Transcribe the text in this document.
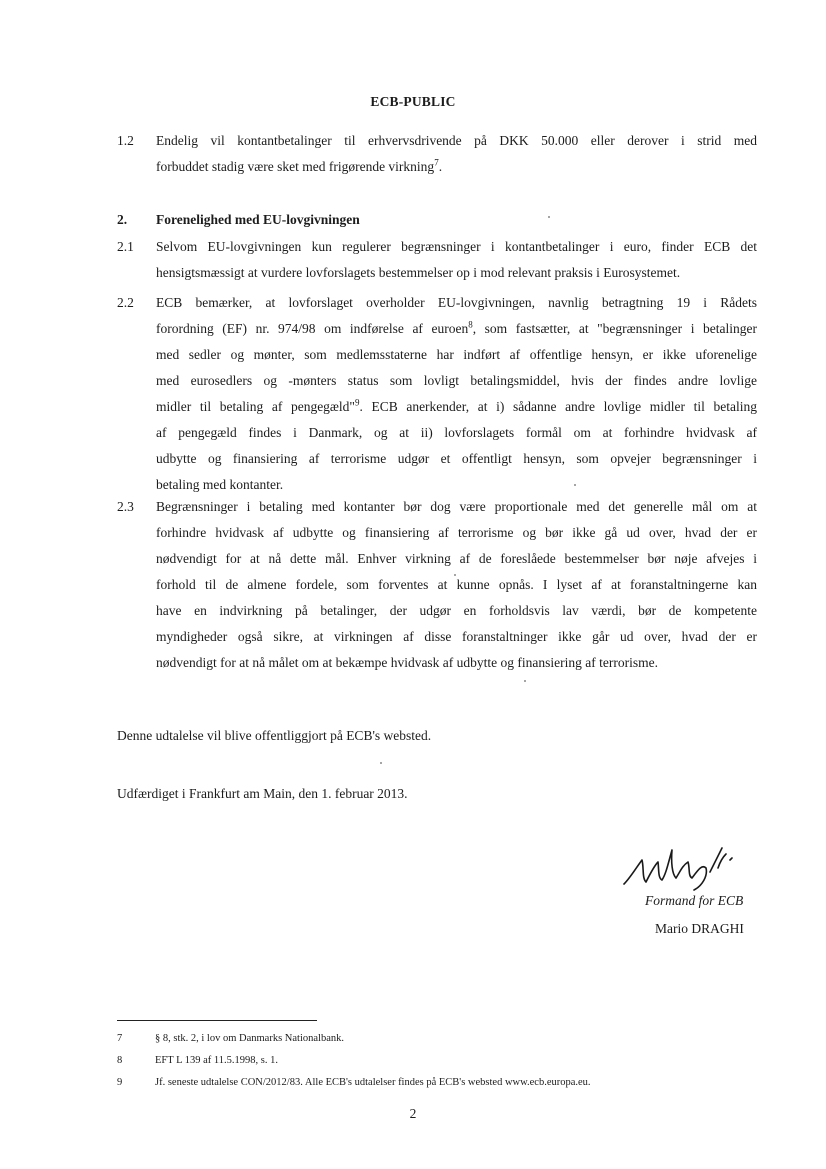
ECB-PUBLIC
1.2	Endelig vil kontantbetalinger til erhvervsdrivende på DKK 50.000 eller derover i strid med
forbuddet stadig være sket med frigørende virkning$^7$.
2. Forenelighed med EU-lovgivningen
2.1	Selvom EU-lovgivningen kun regulerer begrænsninger i kontantbetalinger i euro, finder ECB det
hensigtsmæssigt at vurdere lovforslagets bestemmelser op i mod relevant praksis i Eurosystemet.
2.2	ECB bemærker, at lovforslaget overholder EU-lovgivningen, navnlig betragtning 19 i Rådets
forordning (EF) nr. 974/98 om indførelse af euroen$^8$, som fastsætter, at "begrænsninger i betalinger
med sedler og mønter, som medlemsstaterne har indført af offentlige hensyn, er ikke uforenelige
med eurosedlers og -mønters status som lovligt betalingsmiddel, hvis der findes andre lovlige
midler til betaling af pengegæld"$^9$. ECB anerkender, at i) sådanne andre lovlige midler til betaling
af pengegæld findes i Danmark, og at ii) lovforslagets formål om at forhindre hvidvask af
udbytte og finansiering af terrorisme udgør et offentligt hensyn, som opvejer begrænsninger i
betaling med kontanter.
2.3	Begrænsninger i betaling med kontanter bør dog være proportionale med det generelle mål om at
forhindre hvidvask af udbytte og finansiering af terrorisme og bør ikke gå ud over, hvad der er
nødvendigt for at nå dette mål. Enhver virkning af de foreslåede bestemmelser bør nøje afvejes i
forhold til de almene fordele, som forventes at kunne opnås. I lyset af at foranstaltningerne kan
have en indvirkning på betalinger, der udgør en forholdsvis lav værdi, bør de kompetente
myndigheder også sikre, at virkningen af disse foranstaltninger ikke går ud over, hvad der er
nødvendigt for at nå målet om at bekæmpe hvidvask af udbytte og finansiering af terrorisme.
Denne udtalelse vil blive offentliggjort på ECB's websted.
Udfærdiget i Frankfurt am Main, den 1. februar 2013.
Formand for ECB
Mario DRAGHI
7	§ 8, stk. 2, i lov om Danmarks Nationalbank.
8	EFT L 139 af 11.5.1998, s. 1.
9	Jf. seneste udtalelse CON/2012/83. Alle ECB's udtalelser findes på ECB's websted www.ecb.europa.eu.
2
